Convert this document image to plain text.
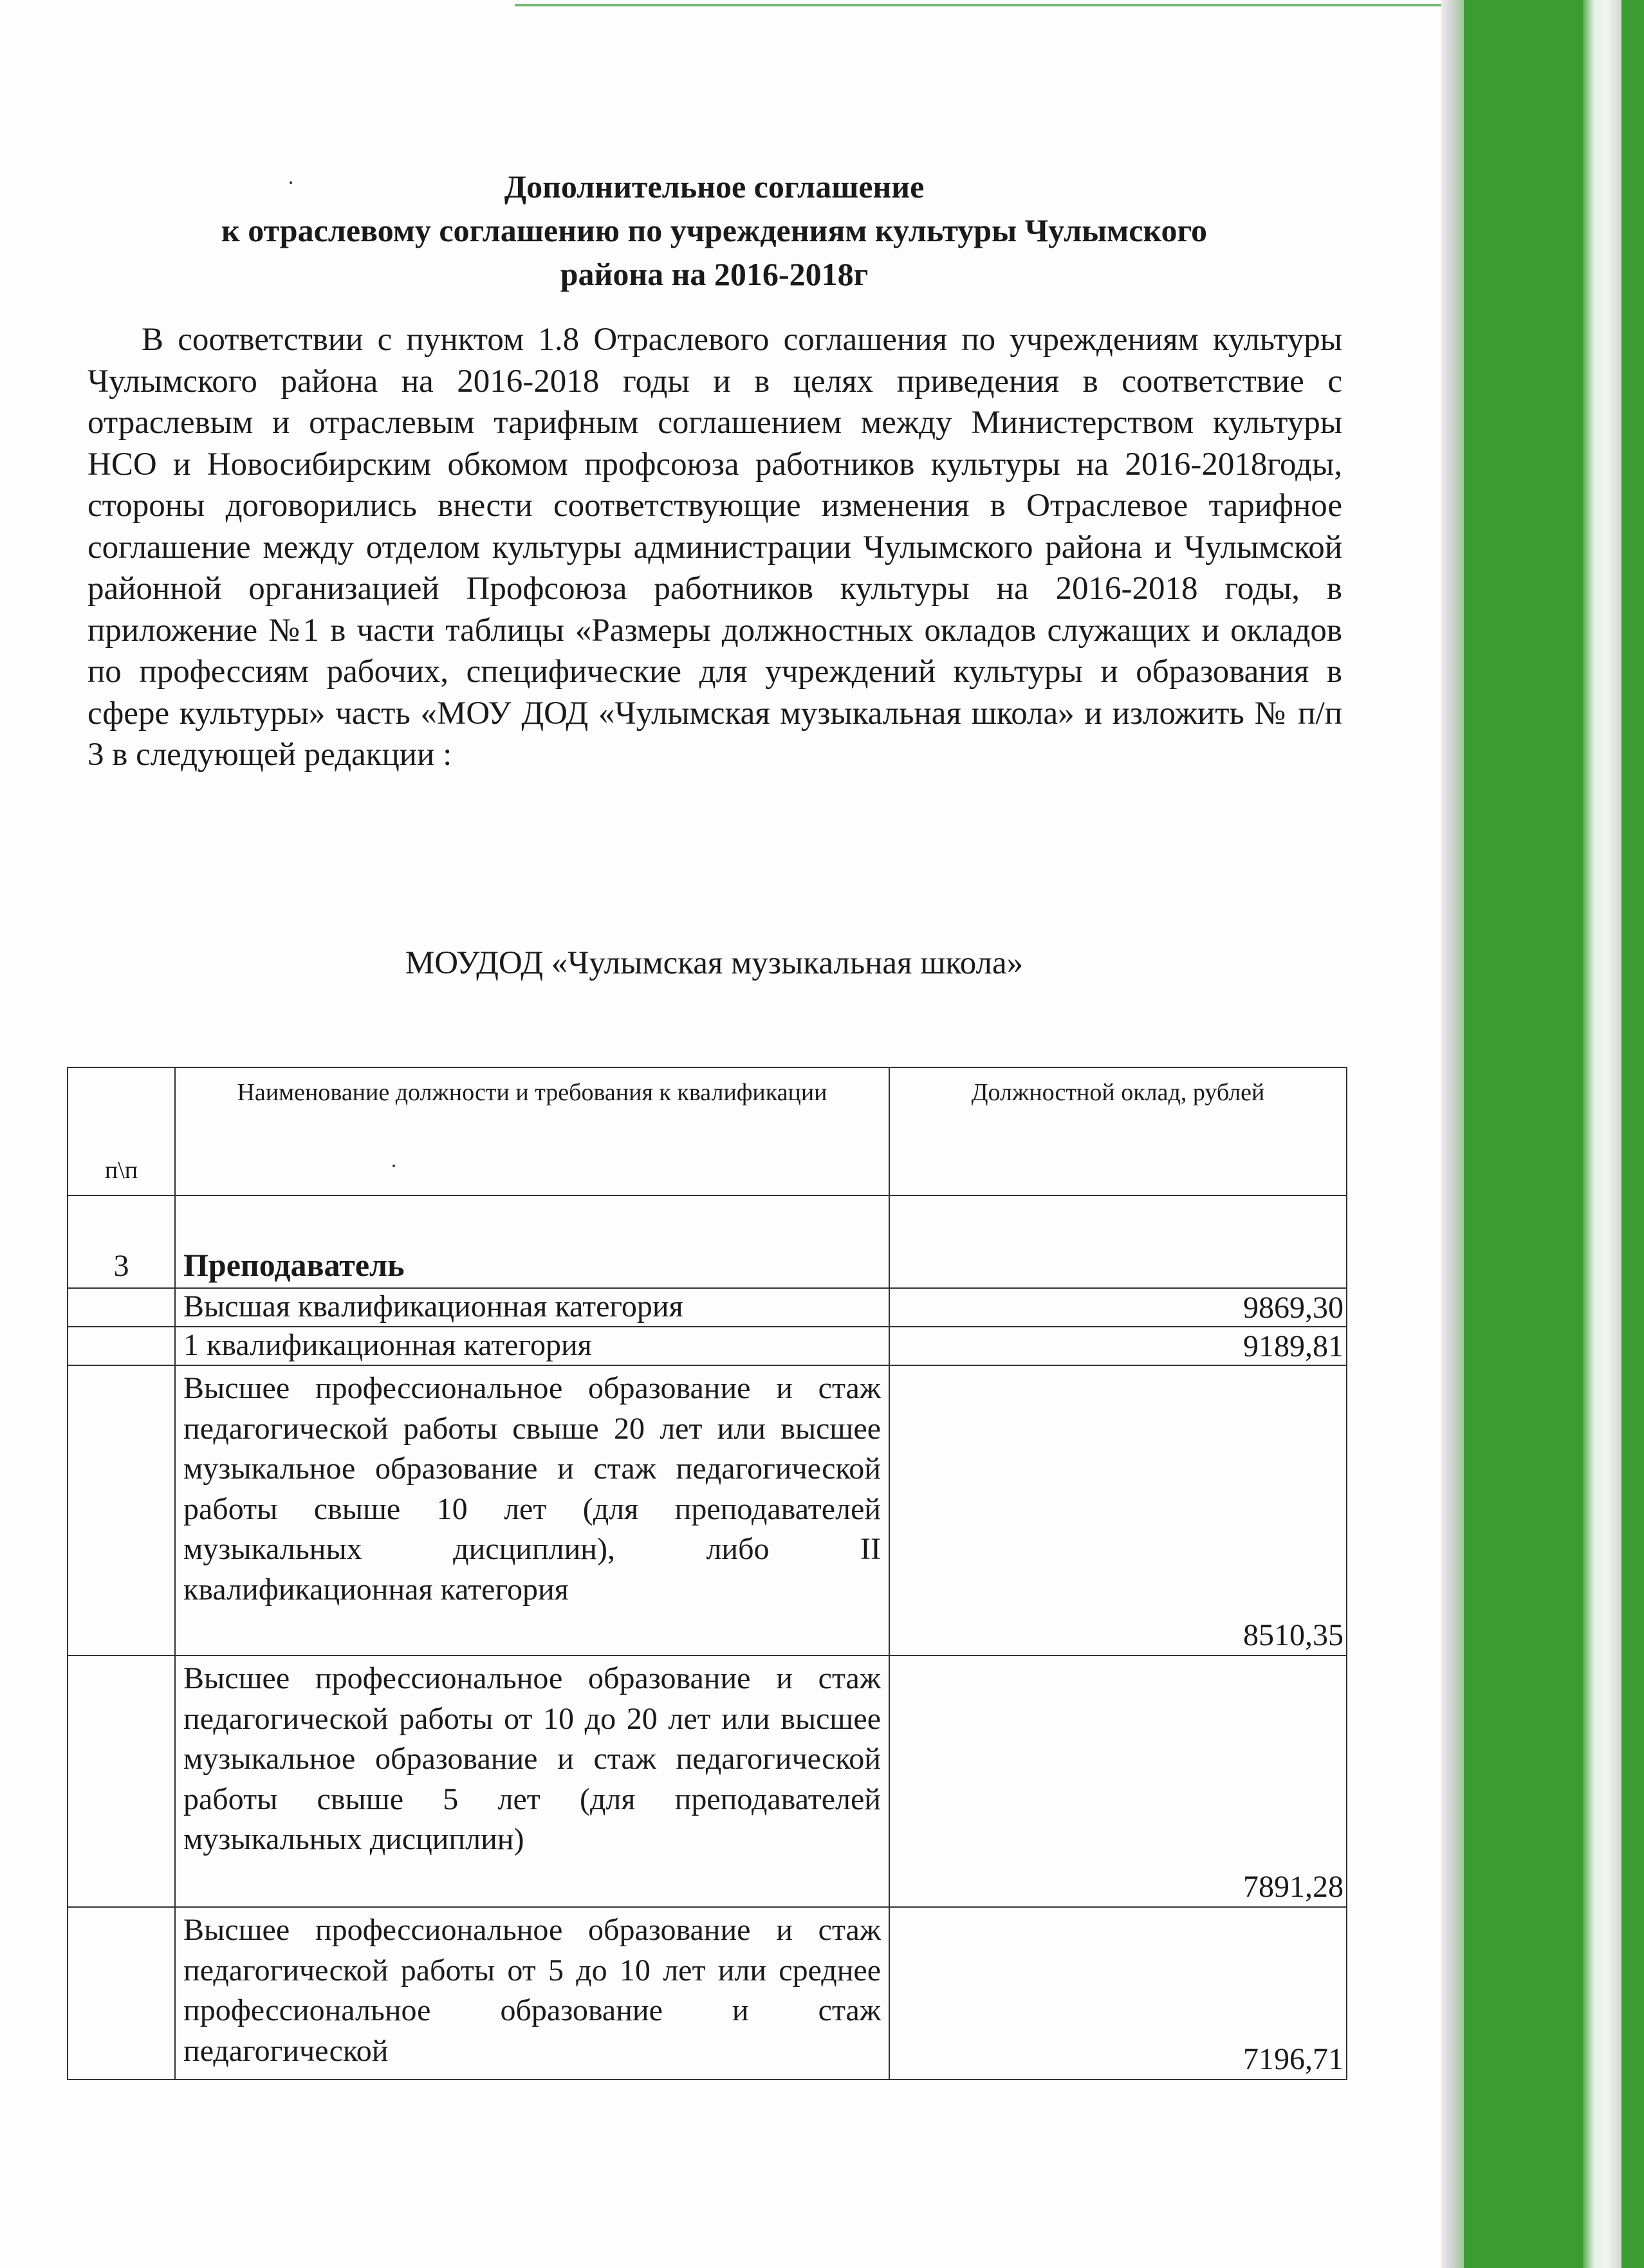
Дополнительное соглашение
к отраслевому соглашению по учреждениям культуры Чулымского
района на 2016-2018г
В соответствии с пунктом 1.8 Отраслевого соглашения по учреждениям культуры Чулымского района на 2016-2018 годы и в целях приведения в соответствие с отраслевым и отраслевым тарифным соглашением между Министерством культуры НСО и Новосибирским обкомом профсоюза работников культуры на 2016-2018годы, стороны договорились внести соответствующие изменения в Отраслевое тарифное соглашение между отделом культуры администрации Чулымского района и Чулымской районной организацией Профсоюза работников культуры на 2016-2018 годы, в приложение №1 в части таблицы «Размеры должностных окладов служащих и окладов по профессиям рабочих, специфические для учреждений культуры и образования в сфере культуры» часть «МОУ ДОД «Чулымская музыкальная школа» и изложить № п/п 3 в следующей редакции :
МОУДОД «Чулымская музыкальная школа»
п\п	Наименование должности и требования к квалификации	Должностной оклад, рублей
3	Преподаватель	
	Высшая квалификационная категория	9869,30
	1 квалификационная категория	9189,81
	Высшее профессиональное образование и стаж педагогической работы свыше 20 лет или высшее музыкальное образование и стаж педагогической работы свыше 10 лет (для преподавателей музыкальных дисциплин), либо II квалификационная категория	8510,35
	Высшее профессиональное образование и стаж педагогической работы от 10 до 20 лет или высшее музыкальное образование и стаж педагогической работы свыше 5 лет (для преподавателей музыкальных дисциплин)	7891,28
	Высшее профессиональное образование и стаж педагогической работы от 5 до 10 лет или среднее профессиональное образование и стаж педагогической	7196,71
